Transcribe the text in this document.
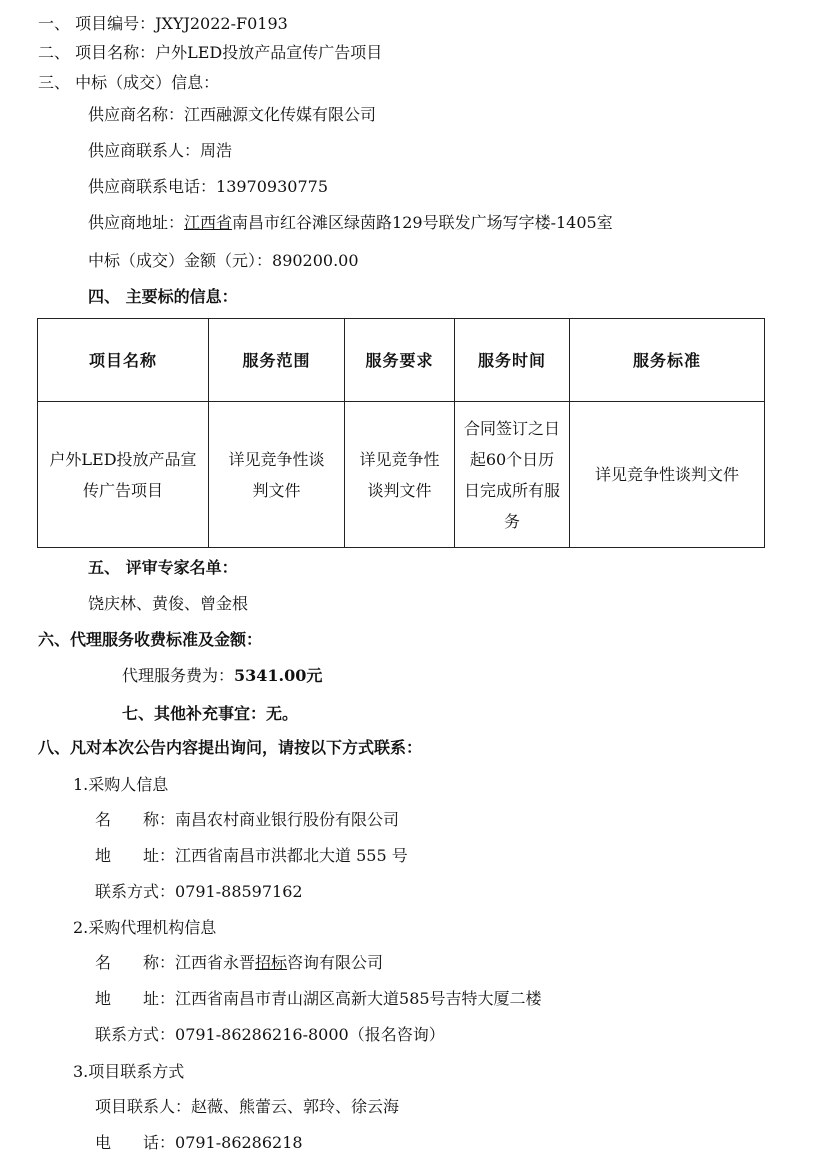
一、 项目编号：JXYJ2022-F0193
二、 项目名称：户外LED投放产品宣传广告项目
三、 中标（成交）信息：
供应商名称：江西融源文化传媒有限公司
供应商联系人：周浩
供应商联系电话：13970930775
供应商地址：江西省南昌市红谷滩区绿茵路129号联发广场写字楼-1405室
中标（成交）金额（元）：890200.00
四、 主要标的信息：
项目名称	服务范围	服务要求	服务时间	服务标准
户外LED投放产品宣传广告项目	详见竞争性谈判文件	详见竞争性谈判文件	合同签订之日起60个日历日完成所有服务	详见竞争性谈判文件
五、 评审专家名单：
饶庆林、黄俊、曾金根
六、代理服务收费标准及金额：
代理服务费为：5341.00元
七、其他补充事宜：无。
八、凡对本次公告内容提出询问，请按以下方式联系：
1.采购人信息
名　　称：南昌农村商业银行股份有限公司
地　　址：江西省南昌市洪都北大道 555 号
联系方式：0791-88597162
2.采购代理机构信息
名　　称：江西省永晋招标咨询有限公司
地　　址：江西省南昌市青山湖区高新大道585号吉特大厦二楼
联系方式：0791-86286216-8000（报名咨询）
3.项目联系方式
项目联系人：赵薇、熊蕾云、郭玲、徐云海
电　　话：0791-86286218
